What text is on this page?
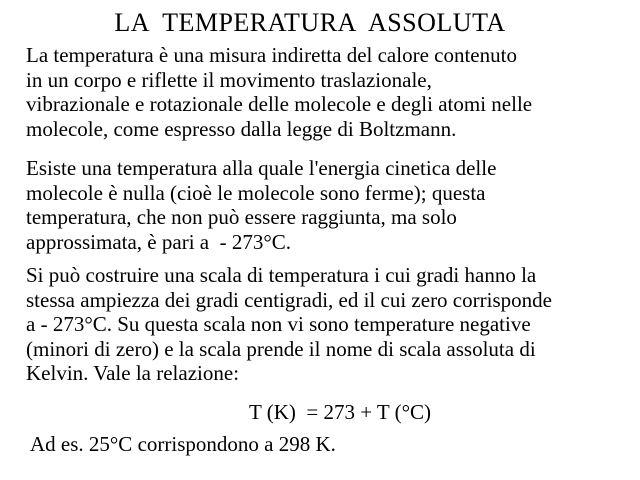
LA  TEMPERATURA  ASSOLUTA
La temperatura è una misura indiretta del calore contenuto
in un corpo e riflette il movimento traslazionale,
vibrazionale e rotazionale delle molecole e degli atomi nelle
molecole, come espresso dalla legge di Boltzmann.
Esiste una temperatura alla quale l'energia cinetica delle
molecole è nulla (cioè le molecole sono ferme); questa
temperatura, che non può essere raggiunta, ma solo
approssimata, è pari a  - 273°C.
Si può costruire una scala di temperatura i cui gradi hanno la
stessa ampiezza dei gradi centigradi, ed il cui zero corrisponde
a - 273°C. Su questa scala non vi sono temperature negative
(minori di zero) e la scala prende il nome di scala assoluta di
Kelvin. Vale la relazione:
T (K)  = 273 + T (°C)
Ad es. 25°C corrispondono a 298 K.
